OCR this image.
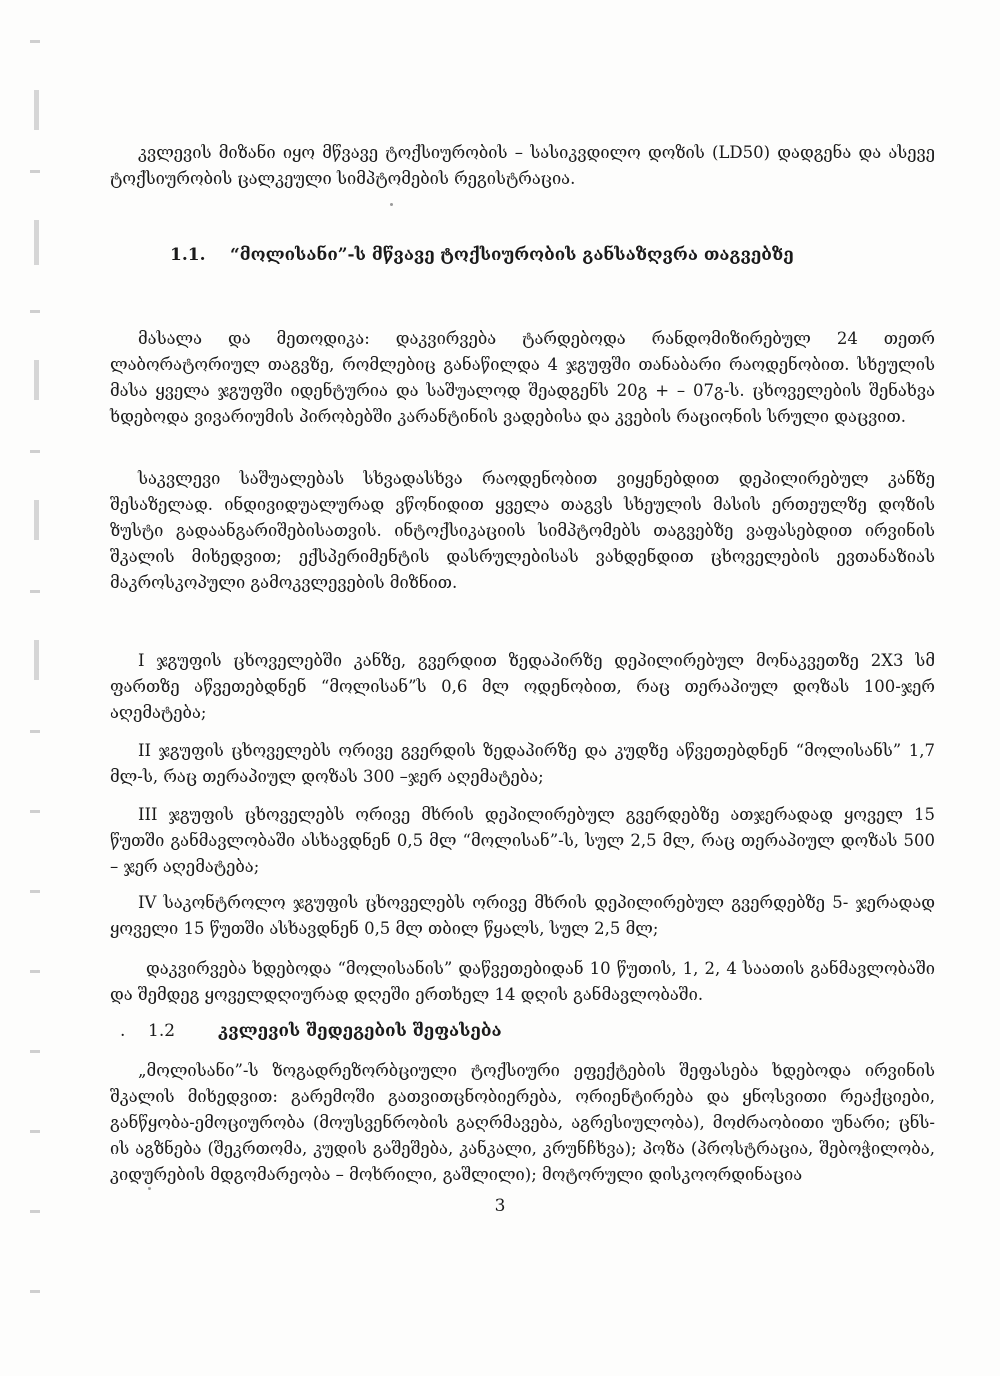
კვლევის მიზანი იყო მწვავე ტოქსიურობის – სასიკვდილო დოზის (LD50) დადგენა და ასევე ტოქსიურობის ცალკეული სიმპტომების რეგისტრაცია.

1.1. “მოლისანი”-ს მწვავე ტოქსიურობის განსაზღვრა თაგვებზე

მასალა და მეთოდიკა: დაკვირვება ტარდებოდა რანდომიზირებულ 24 თეთრ ლაბორატორიულ თაგვზე, რომლებიც განაწილდა 4 ჯგუფში თანაბარი რაოდენობით. სხეულის მასა ყველა ჯგუფში იდენტურია და საშუალოდ შეადგენს 20გ + – 07გ-ს. ცხოველების შენახვა ხდებოდა ვივარიუმის პირობებში კარანტინის ვადებისა და კვების რაციონის სრული დაცვით.

საკვლევი საშუალებას სხვადასხვა რაოდენობით ვიყენებდით დეპილირებულ კანზე შესაზელად. ინდივიდუალურად ვწონიდით ყველა თაგვს სხეულის მასის ერთეულზე დოზის ზუსტი გადაანგარიშებისათვის. ინტოქსიკაციის სიმპტომებს თაგვებზე ვაფასებდით ირვინის შკალის მიხედვით; ექსპერიმენტის დასრულებისას ვახდენდით ცხოველების ევთანაზიას მაკროსკოპული გამოკვლევების მიზნით.

I ჯგუფის ცხოველებში კანზე, გვერდით ზედაპირზე დეპილირებულ მონაკვეთზე 2X3 სმ ფართზე აწვეთებდნენ “მოლისან”ს 0,6 მლ ოდენობით, რაც თერაპიულ დოზას 100-ჯერ აღემატება;

II ჯგუფის ცხოველებს ორივე გვერდის ზედაპირზე და კუდზე აწვეთებდნენ “მოლისანს” 1,7 მლ-ს, რაც თერაპიულ დოზას 300 –ჯერ აღემატება;

III ჯგუფის ცხოველებს ორივე მხრის დეპილირებულ გვერდებზე ათჯერადად ყოველ 15 წუთში განმავლობაში ასხავდნენ 0,5 მლ “მოლისან”-ს, სულ 2,5 მლ, რაც თერაპიულ დოზას 500 – ჯერ აღემატება;

IV საკონტროლო ჯგუფის ცხოველებს ორივე მხრის დეპილირებულ გვერდებზე 5- ჯერადად ყოველი 15 წუთში ასხავდნენ 0,5 მლ თბილ წყალს, სულ 2,5 მლ;

დაკვირვება ხდებოდა “მოლისანის” დაწვეთებიდან 10 წუთის, 1, 2, 4 საათის განმავლობაში და შემდეგ ყოველდღიურად დღეში ერთხელ 14 დღის განმავლობაში.

. 1.2	კვლევის შედეგების შეფასება

„მოლისანი”-ს ზოგადრეზორბციული ტოქსიური ეფექტების შეფასება ხდებოდა ირვინის შკალის მიხედვით: გარემოში გათვითცნობიერება, ორიენტირება და ყნოსვითი რეაქციები, განწყობა-ემოციურობა (მოუსვენრობის გაღრმავება, აგრესიულობა), მოძრაობითი უნარი; ცნს-ის აგზნება (შეკრთომა, კუდის გაშეშება, კანკალი, კრუნჩხვა); პოზა (პროსტრაცია, შებოჭილობა, კიდურების მდგომარეობა – მოხრილი, გაშლილი); მოტორული დისკოორდინაცია

3
